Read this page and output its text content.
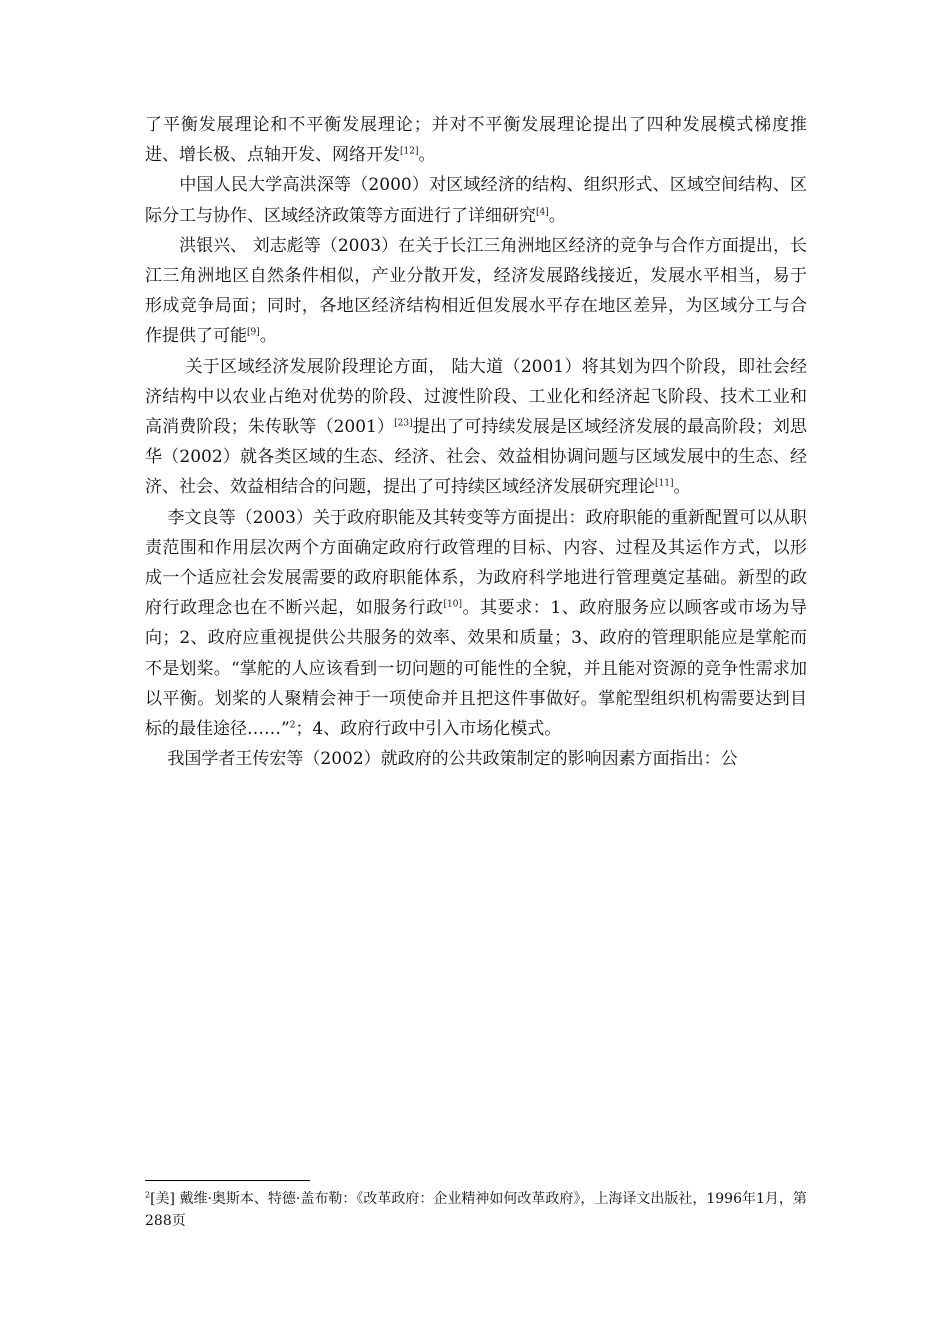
了平衡发展理论和不平衡发展理论；并对不平衡发展理论提出了四种发展模式梯度推进、增长极、点轴开发、网络开发[12]。

　　中国人民大学高洪深等（2000）对区域经济的结构、组织形式、区域空间结构、区际分工与协作、区域经济政策等方面进行了详细研究[4]。

　　洪银兴、 刘志彪等（2003）在关于长江三角洲地区经济的竞争与合作方面提出，长江三角洲地区自然条件相似，产业分散开发，经济发展路线接近，发展水平相当，易于形成竞争局面；同时，各地区经济结构相近但发展水平存在地区差异，为区域分工与合作提供了可能[9]。

　　 关于区域经济发展阶段理论方面， 陆大道（2001）将其划为四个阶段，即社会经济结构中以农业占绝对优势的阶段、过渡性阶段、工业化和经济起飞阶段、技术工业和高消费阶段；朱传耿等（2001）[23]提出了可持续发展是区域经济发展的最高阶段；刘思华（2002）就各类区域的生态、经济、社会、效益相协调问题与区域发展中的生态、经济、社会、效益相结合的问题，提出了可持续区域经济发展研究理论[11]。

　 李文良等（2003）关于政府职能及其转变等方面提出：政府职能的重新配置可以从职责范围和作用层次两个方面确定政府行政管理的目标、内容、过程及其运作方式，以形成一个适应社会发展需要的政府职能体系，为政府科学地进行管理奠定基础。新型的政府行政理念也在不断兴起，如服务行政[10]。其要求：1、政府服务应以顾客或市场为导向；2、政府应重视提供公共服务的效率、效果和质量；3、政府的管理职能应是掌舵而不是划桨。“掌舵的人应该看到一切问题的可能性的全貌，并且能对资源的竞争性需求加以平衡。划桨的人聚精会神于一项使命并且把这件事做好。掌舵型组织机构需要达到目标的最佳途径……”$^2$；4、政府行政中引入市场化模式。

　 我国学者王传宏等（2002）就政府的公共政策制定的影响因素方面指出：公

$^2$[美] 戴维·奥斯本、特德·盖布勒：《改革政府：企业精神如何改革政府》，上海译文出版社，1996年1月，第288页
